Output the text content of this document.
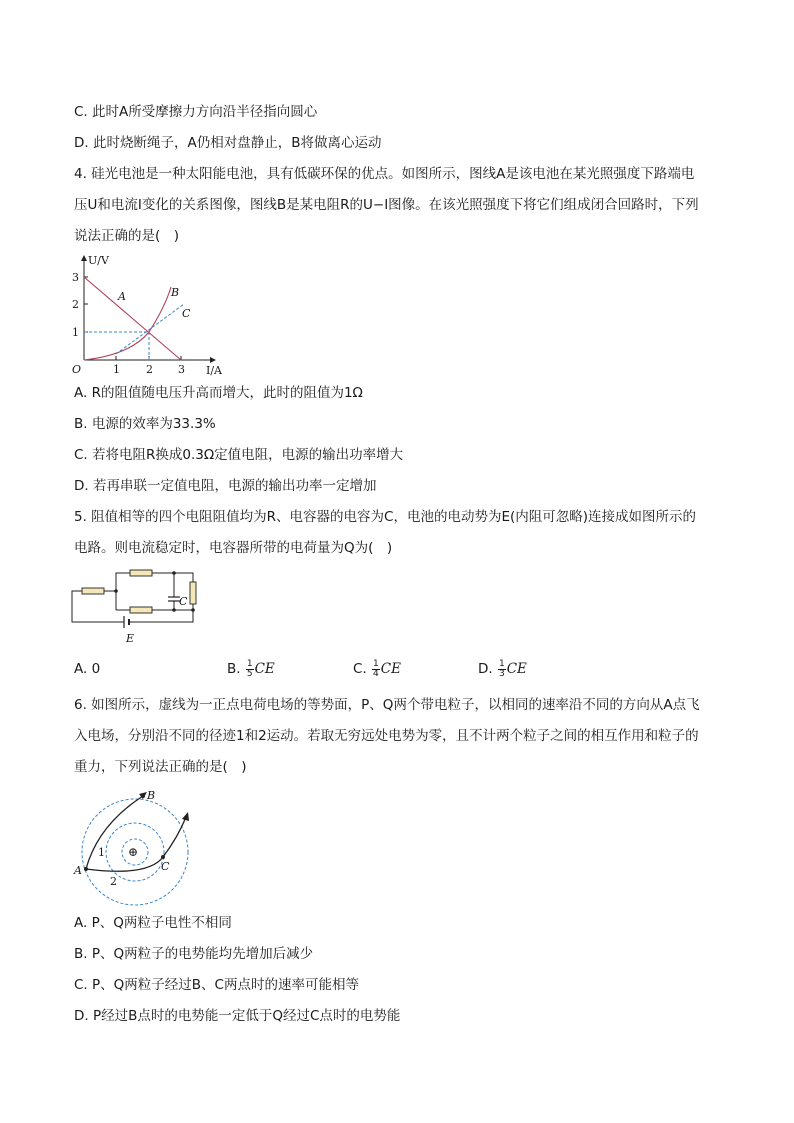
C. 此时A所受摩擦力方向沿半径指向圆心
D. 此时烧断绳子，A仍相对盘静止，B将做离心运动
4. 硅光电池是一种太阳能电池，具有低碳环保的优点。如图所示，图线A是该电池在某光照强度下路端电
压U和电流I变化的关系图像，图线B是某电阻R的U−I图像。在该光照强度下将它们组成闭合回路时，下列
说法正确的是(　)
U/V
I/A
O
3
2
1
1 2 3
A	B
C
A. R的阻值随电压升高而增大，此时的阻值为1Ω
B. 电源的效率为33.3%
C. 若将电阻R换成0.3Ω定值电阻，电源的输出功率增大
D. 若再串联一定值电阻，电源的输出功率一定增加
5. 阻值相等的四个电阻阻值均为R、电容器的电容为C，电池的电动势为E(内阻可忽略)连接成如图所示的
电路。则电流稳定时，电容器所带的电荷量为Q为(　)
C
E
A. 0	B. $\frac{1}{5}$ CE	C. $\frac{1}{4}$ CE	D. $\frac{1}{3}$ CE
6. 如图所示，虚线为一正点电荷电场的等势面，P、Q两个带电粒子，以相同的速率沿不同的方向从A点飞
入电场，分别沿不同的径迹1和2运动。若取无穷远处电势为零，且不计两个粒子之间的相互作用和粒子的
重力，下列说法正确的是(　)
⊕
A
B
C
1
2
A. P、Q两粒子电性不相同
B. P、Q两粒子的电势能均先增加后减少
C. P、Q两粒子经过B、C两点时的速率可能相等
D. P经过B点时的电势能一定低于Q经过C点时的电势能
